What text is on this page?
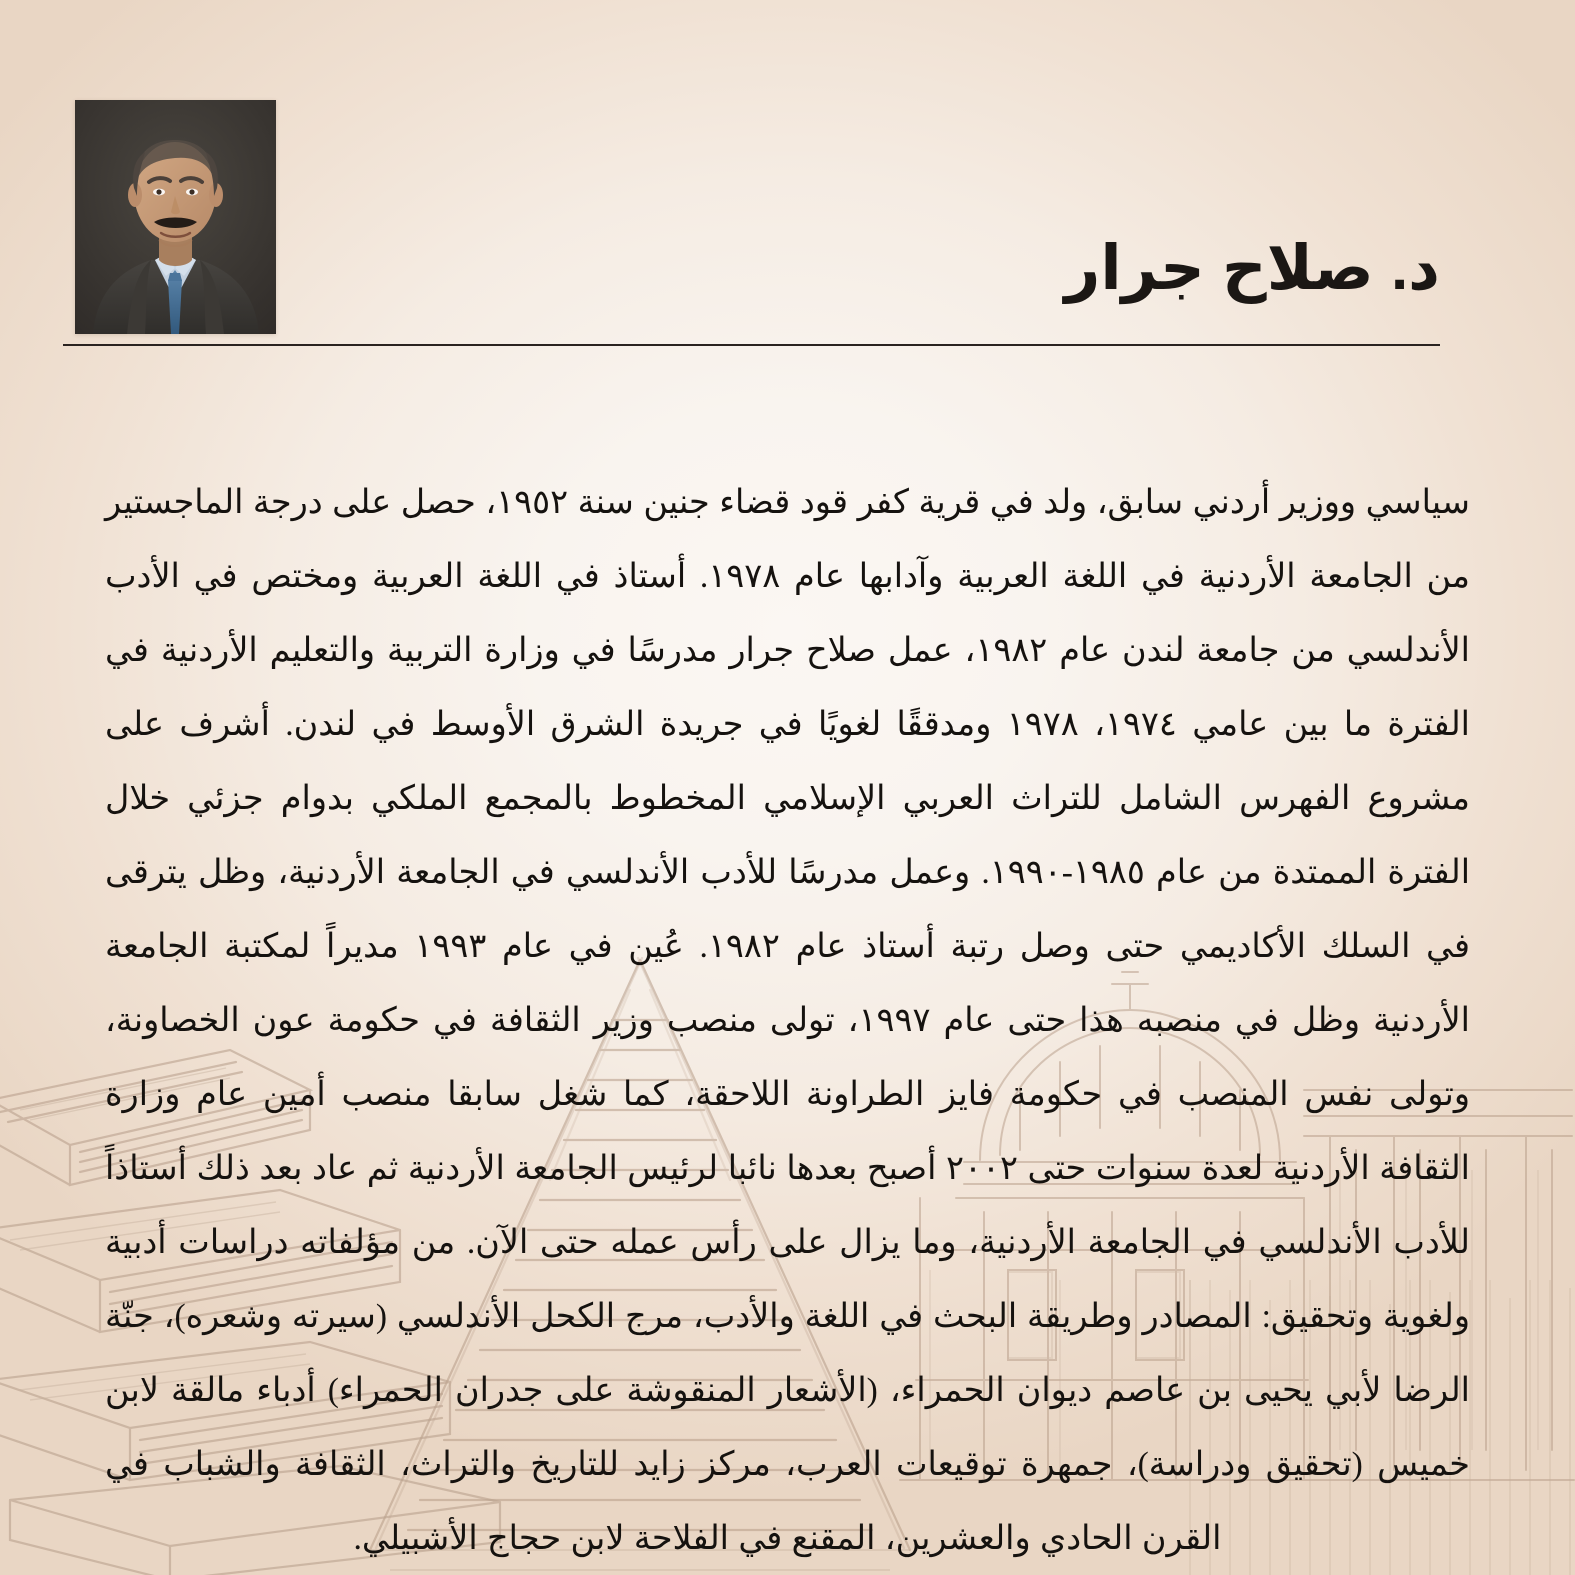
د. صلاح جرار

سياسي ووزير أردني سابق، ولد في قرية كفر قود قضاء جنين سنة ١٩٥٢، حصل على درجة الماجستير من الجامعة الأردنية في اللغة العربية وآدابها عام ١٩٧٨. أستاذ في اللغة العربية ومختص في الأدب الأندلسي من جامعة لندن عام ١٩٨٢، عمل صلاح جرار مدرسًا في وزارة التربية والتعليم الأردنية في الفترة ما بين عامي ١٩٧٤، ١٩٧٨ ومدققًا لغويًا في جريدة الشرق الأوسط في لندن. أشرف على مشروع الفهرس الشامل للتراث العربي الإسلامي المخطوط بالمجمع الملكي بدوام جزئي خلال الفترة الممتدة من عام ١٩٨٥-١٩٩٠. وعمل مدرسًا للأدب الأندلسي في الجامعة الأردنية، وظل يترقى في السلك الأكاديمي حتى وصل رتبة أستاذ عام ١٩٨٢. عُين في عام ١٩٩٣ مديراً لمكتبة الجامعة الأردنية وظل في منصبه هذا حتى عام ١٩٩٧، تولى منصب وزير الثقافة في حكومة عون الخصاونة، وتولى نفس المنصب في حكومة فايز الطراونة اللاحقة، كما شغل سابقا منصب أمين عام وزارة الثقافة الأردنية لعدة سنوات حتى ٢٠٠٢ أصبح بعدها نائبا لرئيس الجامعة الأردنية ثم عاد بعد ذلك أستاذاً للأدب الأندلسي في الجامعة الأردنية، وما يزال على رأس عمله حتى الآن. من مؤلفاته دراسات أدبية ولغوية وتحقيق: المصادر وطريقة البحث في اللغة والأدب، مرج الكحل الأندلسي (سيرته وشعره)، جنّة الرضا لأبي يحيى بن عاصم ديوان الحمراء، (الأشعار المنقوشة على جدران الحمراء) أدباء مالقة لابن خميس (تحقيق ودراسة)، جمهرة توقيعات العرب، مركز زايد للتاريخ والتراث، الثقافة والشباب في القرن الحادي والعشرين، المقنع في الفلاحة لابن حجاج الأشبيلي.
